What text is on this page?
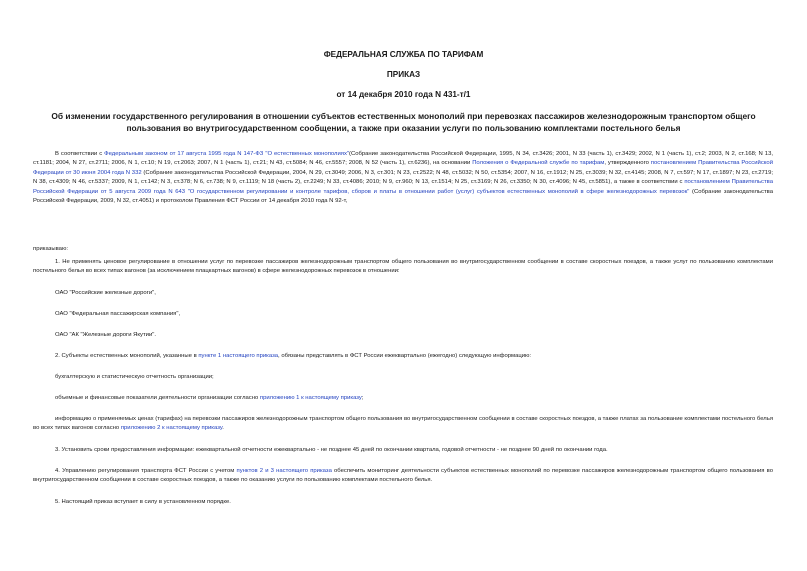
ФЕДЕРАЛЬНАЯ СЛУЖБА ПО ТАРИФАМ
ПРИКАЗ
от 14 декабря 2010 года N 431-т/1
Об изменении государственного регулирования в отношении субъектов естественных монополий при перевозках пассажиров железнодорожным транспортом общего пользования во внутригосударственном сообщении, а также при оказании услуги по пользованию комплектами постельного белья

В соответствии с Федеральным законом от 17 августа 1995 года N 147-ФЗ "О естественных монополиях"(Собрание законодательства Российской Федерации, 1995, N 34, ст.3426; 2001, N 33 (часть 1), ст.3429; 2002, N 1 (часть 1), ст.2; 2003, N 2, ст.168; N 13, ст.1181; 2004, N 27, ст.2711; 2006, N 1, ст.10; N 19, ст.2063; 2007, N 1 (часть 1), ст.21; N 43, ст.5084; N 46, ст.5557; 2008, N 52 (часть 1), ст.6236), на основании Положения о Федеральной службе по тарифам, утвержденного постановлением Правительства Российской Федерации от 30 июня 2004 года N 332 (Собрание законодательства Российской Федерации, 2004, N 29, ст.3049; 2006, N 3, ст.301; N 23, ст.2522; N 48, ст.5032; N 50, ст.5354; 2007, N 16, ст.1912; N 25, ст.3039; N 32, ст.4145; 2008, N 7, ст.597; N 17, ст.1897; N 23, ст.2719; N 38, ст.4309; N 46, ст.5337; 2009, N 1, ст.142; N 3, ст.378; N 6, ст.738; N 9, ст.1119; N 18 (часть 2), ст.2249; N 33, ст.4086; 2010; N 9, ст.960; N 13, ст.1514; N 25, ст.3169; N 26, ст.3350; N 30, ст.4096; N 45, ст.5851), а также в соответствии с постановлением Правительства Российской Федерации от 5 августа 2009 года N 643 "О государственном регулировании и контроле тарифов, сборов и платы в отношении работ (услуг) субъектов естественных монополий в сфере железнодорожных перевозок" (Собрание законодательства Российской Федерации, 2009, N 32, ст.4051) и протоколом Правления ФСТ России от 14 декабря 2010 года N 92-т,

приказываю:

1. Не применять ценовое регулирование в отношении услуг по перевозке пассажиров железнодорожным транспортом общего пользования во внутригосударственном сообщении в составе скоростных поездов, а также услуг по пользованию комплектами постельного белья во всех типах вагонов (за исключением плацкартных вагонов) в сфере железнодорожных перевозок в отношении:

ОАО "Российские железные дороги",

ОАО "Федеральная пассажирская компания",

ОАО "АК "Железные дороги Якутии".

2. Субъекты естественных монополий, указанные в пункте 1 настоящего приказа, обязаны представлять в ФСТ России ежеквартально (ежегодно) следующую информацию:

бухгалтерскую и статистическую отчетность организации;

объемные и финансовые показатели деятельности организации согласно приложению 1 к настоящему приказу;

информацию о применяемых ценах (тарифах) на перевозки пассажиров железнодорожным транспортом общего пользования во внутригосударственном сообщении в составе скоростных поездов, а также платах за пользование комплектами постельного белья во всех типах вагонов согласно приложению 2 к настоящему приказу.

3. Установить сроки предоставления информации: ежеквартальной отчетности ежеквартально - не позднее 45 дней по окончании квартала, годовой отчетности - не позднее 90 дней по окончании года.

4. Управлению регулирования транспорта ФСТ России с учетом пунктов 2 и 3 настоящего приказа обеспечить мониторинг деятельности субъектов естественных монополий по перевозке пассажиров железнодорожным транспортом общего пользования во внутригосударственном сообщении в составе скоростных поездов, а также по оказанию услуги по пользованию комплектами постельного белья.

5. Настоящий приказ вступает в силу в установленном порядке.
